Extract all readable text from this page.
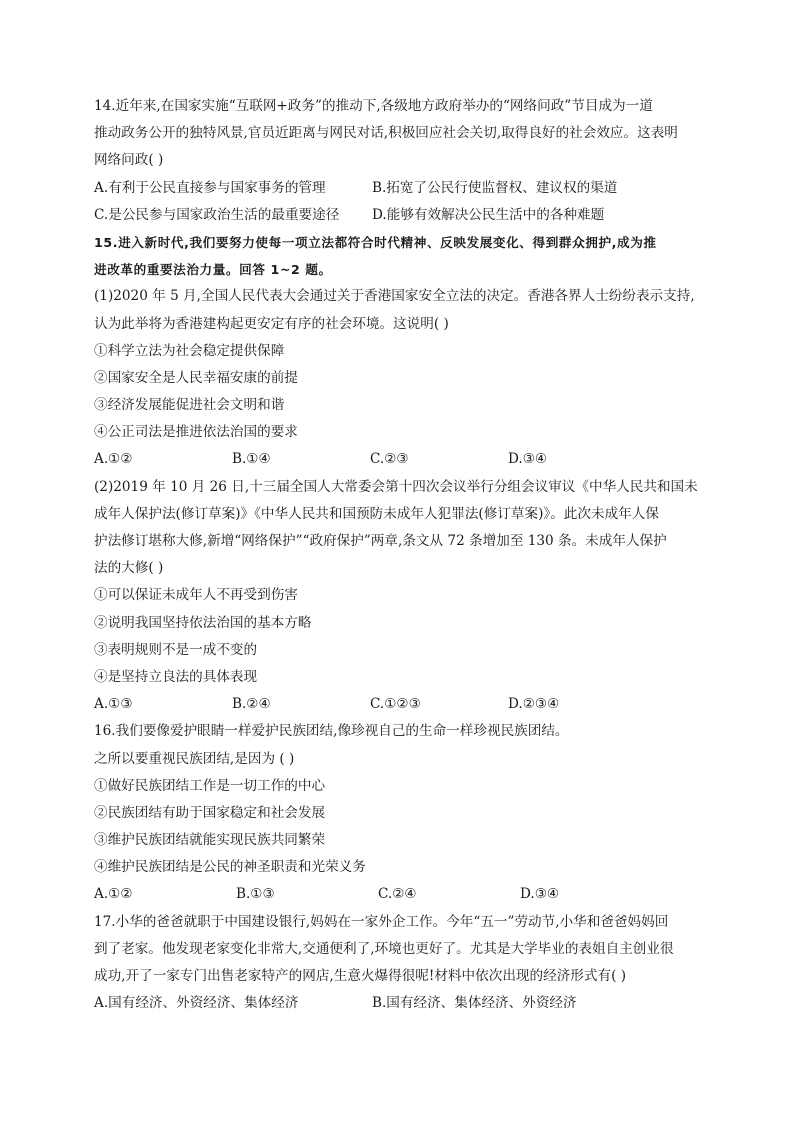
14.近年来,在国家实施“互联网+政务”的推动下,各级地方政府举办的“网络问政”节目成为一道
推动政务公开的独特风景,官员近距离与网民对话,积极回应社会关切,取得良好的社会效应。这表明
网络问政( )
A.有利于公民直接参与国家事务的管理	B.拓宽了公民行使监督权、建议权的渠道
C.是公民参与国家政治生活的最重要途径	D.能够有效解决公民生活中的各种难题
15.进入新时代,我们要努力使每一项立法都符合时代精神、反映发展变化、得到群众拥护,成为推
进改革的重要法治力量。回答 1~2 题。
(1)2020 年 5 月,全国人民代表大会通过关于香港国家安全立法的决定。香港各界人士纷纷表示支持,
认为此举将为香港建构起更安定有序的社会环境。这说明( )
①科学立法为社会稳定提供保障
②国家安全是人民幸福安康的前提
③经济发展能促进社会文明和谐
④公正司法是推进依法治国的要求
A.①②	B.①④	C.②③	D.③④
(2)2019 年 10 月 26 日,十三届全国人大常委会第十四次会议举行分组会议审议《中华人民共和国未
成年人保护法(修订草案)》《中华人民共和国预防未成年人犯罪法(修订草案)》。此次未成年人保
护法修订堪称大修,新增“网络保护”“政府保护”两章,条文从 72 条增加至 130 条。未成年人保护
法的大修( )
①可以保证未成年人不再受到伤害
②说明我国坚持依法治国的基本方略
③表明规则不是一成不变的
④是坚持立良法的具体表现
A.①③	B.②④	C.①②③	D.②③④
16.我们要像爱护眼睛一样爱护民族团结,像珍视自己的生命一样珍视民族团结。
之所以要重视民族团结,是因为 ( )
①做好民族团结工作是一切工作的中心
②民族团结有助于国家稳定和社会发展
③维护民族团结就能实现民族共同繁荣
④维护民族团结是公民的神圣职责和光荣义务
A.①②	B.①③	C.②④	D.③④
17.小华的爸爸就职于中国建设银行,妈妈在一家外企工作。今年“五一”劳动节,小华和爸爸妈妈回
到了老家。他发现老家变化非常大,交通便利了,环境也更好了。尤其是大学毕业的表姐自主创业很
成功,开了一家专门出售老家特产的网店,生意火爆得很呢!材料中依次出现的经济形式有( )
A.国有经济、外资经济、集体经济	B.国有经济、集体经济、外资经济
